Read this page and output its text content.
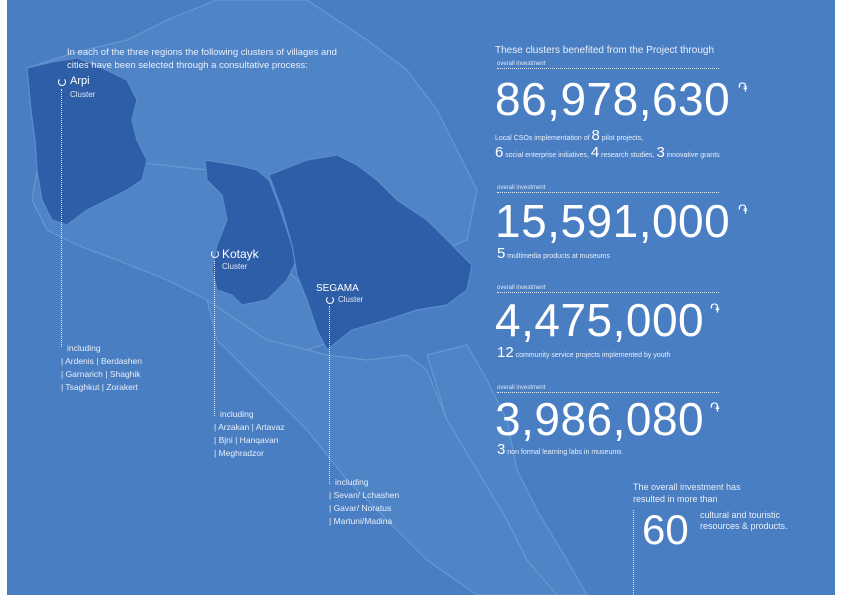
In each of the three regions the following clusters of villages and
cities have been selected through a consultative process:
Arpi
Cluster
including
| Ardenis | Berdashen
| Garnarich | Shaghik
| Tsaghkut | Zorakert
Kotayk
Cluster
including
| Arzakan | Artavaz
| Bjni | Hanqavan
| Meghradzor
SEGAMA
Cluster
including
| Sevan/ Lchashen
| Gavar/ Noratus
| Martuni/Madina
These clusters benefited from the Project through
overall investment
86,978,630 ֏
Local CSOs implementation of 8 pilot projects,
6 social enterprise initiatives, 4 research studies, 3 innovative grants
overall investment
15,591,000 ֏
5 multimedia products at museums
overall investment
4,475,000 ֏
12 community service projects implemented by youth
overall investment
3,986,080 ֏
3 non formal learning labs in museums
The overall investment has
resulted in more than
60 cultural and touristic
resources & products.
